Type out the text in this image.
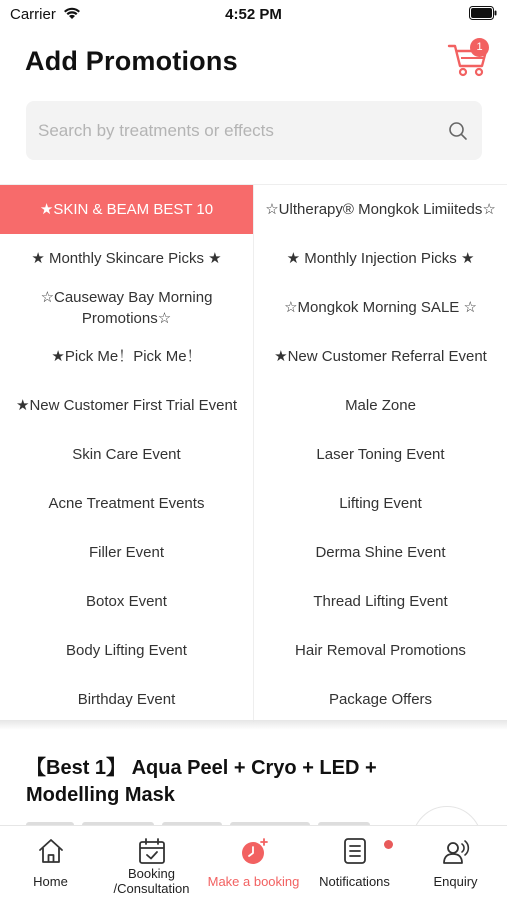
Carrier	4:52 PM
Add Promotions	1
Search by treatments or effects
★SKIN & BEAM BEST 10
★ Monthly Skincare Picks ★
☆Causeway Bay Morning Promotions☆
★Pick Me！Pick Me！
★New Customer First Trial Event
Skin Care Event
Acne Treatment Events
Filler Event
Botox Event
Body Lifting Event
Birthday Event
☆Ultherapy® Mongkok Limiiteds☆
★ Monthly Injection Picks ★
☆Mongkok Morning SALE ☆
★New Customer Referral Event
Male Zone
Laser Toning Event
Lifting Event
Derma Shine Event
Thread Lifting Event
Hair Removal Promotions
Package Offers
【Best 1】 Aqua Peel + Cryo + LED + Modelling Mask
Home
Booking
/Consultation	Make a booking	Notifications	Enquiry
